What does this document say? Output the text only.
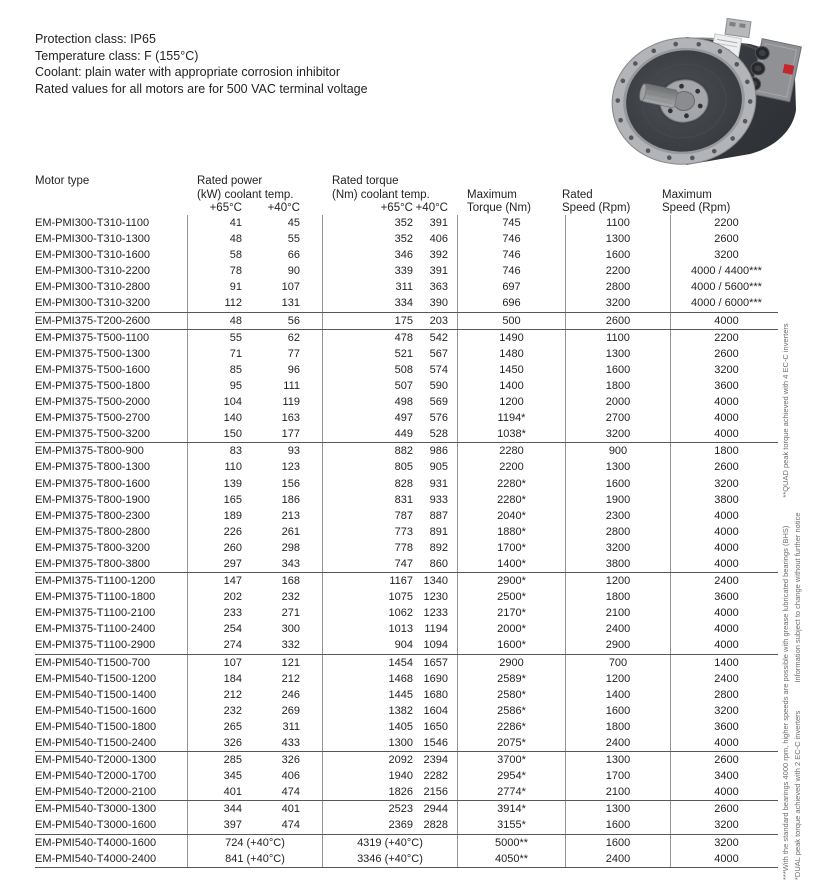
Protection class: IP65
Temperature class: F (155°C)
Coolant: plain water with appropriate corrosion inhibitor
Rated values for all motors are for 500 VAC terminal voltage
Motor type	Rated power
(kW) coolant temp.
+65°C	+40°C
Rated torque
(Nm) coolant temp.
+65°C +40°C
Maximum
Torque (Nm)
Rated
Speed (Rpm)
Maximum
Speed (Rpm)
EM-PMI300-T310-1100	41	45	352	391	745	1100	2200
EM-PMI300-T310-1300	48	55	352	406	746	1300	2600
EM-PMI300-T310-1600	58	66	346	392	746	1600	3200
EM-PMI300-T310-2200	78	90	339	391	746	2200	4000 / 4400***
EM-PMI300-T310-2800	91	107	311	363	697	2800	4000 / 5600***
EM-PMI300-T310-3200	112	131	334	390	696	3200	4000 / 6000***
EM-PMI375-T200-2600	48	56	175	203	500	2600	4000
EM-PMI375-T500-1100	55	62	478	542	1490	1100	2200
EM-PMI375-T500-1300	71	77	521	567	1480	1300	2600
EM-PMI375-T500-1600	85	96	508	574	1450	1600	3200
EM-PMI375-T500-1800	95	111	507	590	1400	1800	3600
EM-PMI375-T500-2000	104	119	498	569	1200	2000	4000
EM-PMI375-T500-2700	140	163	497	576	1194*	2700	4000
EM-PMI375-T500-3200	150	177	449	528	1038*	3200	4000
EM-PMI375-T800-900	83	93	882	986	2280	900	1800
EM-PMI375-T800-1300	110	123	805	905	2200	1300	2600
EM-PMI375-T800-1600	139	156	828	931	2280*	1600	3200
EM-PMI375-T800-1900	165	186	831	933	2280*	1900	3800
EM-PMI375-T800-2300	189	213	787	887	2040*	2300	4000
EM-PMI375-T800-2800	226	261	773	891	1880*	2800	4000
EM-PMI375-T800-3200	260	298	778	892	1700*	3200	4000
EM-PMI375-T800-3800	297	343	747	860	1400*	3800	4000
EM-PMI375-T1100-1200	147	168	1167 1340	2900*	1200	2400
EM-PMI375-T1100-1800	202	232	1075 1230	2500*	1800	3600
EM-PMI375-T1100-2100	233	271	1062 1233	2170*	2100	4000
EM-PMI375-T1100-2400	254	300	1013	1194	2000*	2400	4000
EM-PMI375-T1100-2900	274	332	904 1094	1600*	2900	4000
EM-PMI540-T1500-700	107	121	1454 1657	2900	700	1400
EM-PMI540-T1500-1200	184	212	1468 1690	2589*	1200	2400
EM-PMI540-T1500-1400	212	246	1445 1680	2580*	1400	2800
EM-PMI540-T1500-1600	232	269	1382 1604	2586*	1600	3200
EM-PMI540-T1500-1800	265	311	1405 1650	2286*	1800	3600
EM-PMI540-T1500-2400	326	433	1300 1546	2075*	2400	4000
EM-PMI540-T2000-1300	285	326	2092 2394	3700*	1300	2600
EM-PMI540-T2000-1700	345	406	1940 2282	2954*	1700	3400
EM-PMI540-T2000-2100	401	474	1826 2156	2774*	2100	4000
EM-PMI540-T3000-1300	344	401	2523 2944	3914*	1300	2600
EM-PMI540-T3000-1600	397	474	2369 2828	3155*	1600	3200
EM-PMI540-T4000-1600	724 (+40°C)	4319 (+40°C)	5000**	1600	3200
EM-PMI540-T4000-2400	841 (+40°C)	3346 (+40°C)	4050**	2400	4000	***With the standard bearings 4000 rpm, higher speeds are possible with grease lubricated bearings (BHS)
**QUAD peak torque achieved with 4 EC-C inverters
*DUAL peak torque achieved with 2 EC-C inverters
Information subject to change without further notice
